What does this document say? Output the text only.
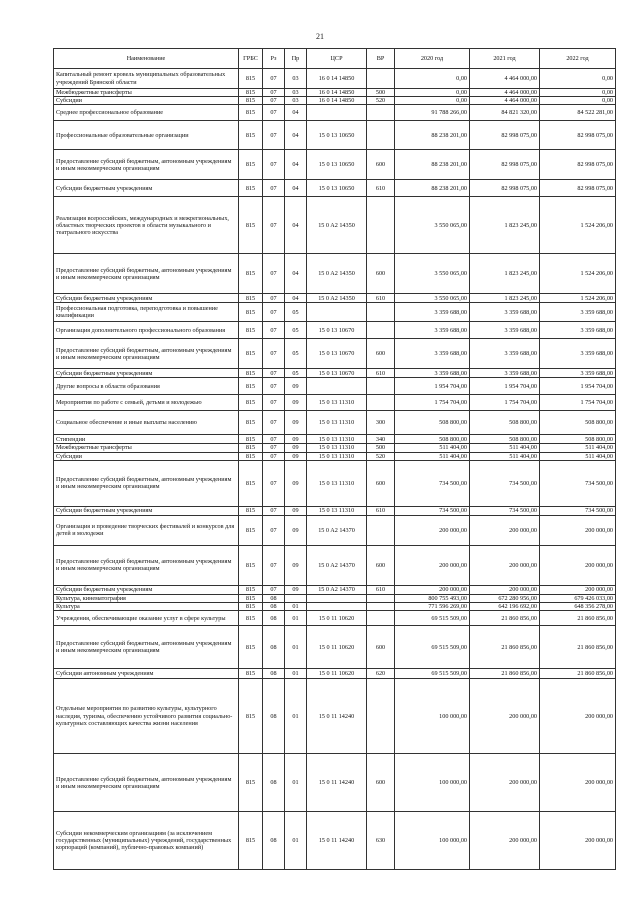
21
Наименование	ГРБС	Рз	Пр	ЦСР	ВР	2020 год	2021 год	2022 год
Капитальный ремонт кровель муниципальных образовательных учреждений Брянской области	815	07	03	16 0 14 14850		0,00	4 464 000,00	0,00
Межбюджетные трансферты	815	07	03	16 0 14 14850	500	0,00	4 464 000,00	0,00
Субсидии	815	07	03	16 0 14 14850	520	0,00	4 464 000,00	0,00
Среднее профессиональное образование	815	07	04			91 788 266,00	84 821 320,00	84 522 281,00
Профессиональные образовательные организации	815	07	04	15 0 13 10650		88 238 201,00	82 998 075,00	82 998 075,00
Предоставление субсидий бюджетным, автономным учреждениям и иным некоммерческим организациям	815	07	04	15 0 13 10650	600	88 238 201,00	82 998 075,00	82 998 075,00
Субсидии бюджетным учреждениям	815	07	04	15 0 13 10650	610	88 238 201,00	82 998 075,00	82 998 075,00
Реализация всероссийских, международных и межрегиональных, областных творческих проектов в области музыкального и театрального искусства	815	07	04	15 0 A2 14350		3 550 065,00	1 823 245,00	1 524 206,00
Предоставление субсидий бюджетным, автономным учреждениям и иным некоммерческим организациям	815	07	04	15 0 A2 14350	600	3 550 065,00	1 823 245,00	1 524 206,00
Субсидии бюджетным учреждениям	815	07	04	15 0 A2 14350	610	3 550 065,00	1 823 245,00	1 524 206,00
Профессиональная подготовка, переподготовка и повышение квалификации	815	07	05			3 359 688,00	3 359 688,00	3 359 688,00
Организация дополнительного профессионального образования	815	07	05	15 0 13 10670		3 359 688,00	3 359 688,00	3 359 688,00
Предоставление субсидий бюджетным, автономным учреждениям и иным некоммерческим организациям	815	07	05	15 0 13 10670	600	3 359 688,00	3 359 688,00	3 359 688,00
Субсидии бюджетным учреждениям	815	07	05	15 0 13 10670	610	3 359 688,00	3 359 688,00	3 359 688,00
Другие вопросы в области образования	815	07	09			1 954 704,00	1 954 704,00	1 954 704,00
Мероприятия по работе с семьей, детьми и молодежью	815	07	09	15 0 13 11310		1 754 704,00	1 754 704,00	1 754 704,00
Социальное обеспечение и иные выплаты населению	815	07	09	15 0 13 11310	300	508 800,00	508 800,00	508 800,00
Стипендии	815	07	09	15 0 13 11310	340	508 800,00	508 800,00	508 800,00
Межбюджетные трансферты	815	07	09	15 0 13 11310	500	511 404,00	511 404,00	511 404,00
Субсидии	815	07	09	15 0 13 11310	520	511 404,00	511 404,00	511 404,00
Предоставление субсидий бюджетным, автономным учреждениям и иным некоммерческим организациям	815	07	09	15 0 13 11310	600	734 500,00	734 500,00	734 500,00
Субсидии бюджетным учреждениям	815	07	09	15 0 13 11310	610	734 500,00	734 500,00	734 500,00
Организация и проведение творческих фестивалей и конкурсов для детей и молодежи	815	07	09	15 0 A2 14370		200 000,00	200 000,00	200 000,00
Предоставление субсидий бюджетным, автономным учреждениям и иным некоммерческим организациям	815	07	09	15 0 A2 14370	600	200 000,00	200 000,00	200 000,00
Субсидии бюджетным учреждениям	815	07	09	15 0 A2 14370	610	200 000,00	200 000,00	200 000,00
Культура, кинематография	815	08				800 755 493,00	672 280 956,00	679 426 033,00
Культура	815	08	01			771 596 269,00	642 196 692,00	648 356 278,00
Учреждения, обеспечивающие оказание услуг в сфере культуры	815	08	01	15 0 11 10620		69 515 509,00	21 860 856,00	21 860 856,00
Предоставление субсидий бюджетным, автономным учреждениям и иным некоммерческим организациям	815	08	01	15 0 11 10620	600	69 515 509,00	21 860 856,00	21 860 856,00
Субсидии автономным учреждениям	815	08	01	15 0 11 10620	620	69 515 509,00	21 860 856,00	21 860 856,00
Отдельные мероприятия по развитию культуры, культурного наследия, туризма, обеспечению устойчивого развития социально-культурных составляющих качества жизни населения	815	08	01	15 0 11 14240		100 000,00	200 000,00	200 000,00
Предоставление субсидий бюджетным, автономным учреждениям и иным некоммерческим организациям	815	08	01	15 0 11 14240	600	100 000,00	200 000,00	200 000,00
Субсидии некоммерческим организациям (за исключением государственных (муниципальных) учреждений, государственных корпораций (компаний), публично-правовых компаний)	815	08	01	15 0 11 14240	630	100 000,00	200 000,00	200 000,00
